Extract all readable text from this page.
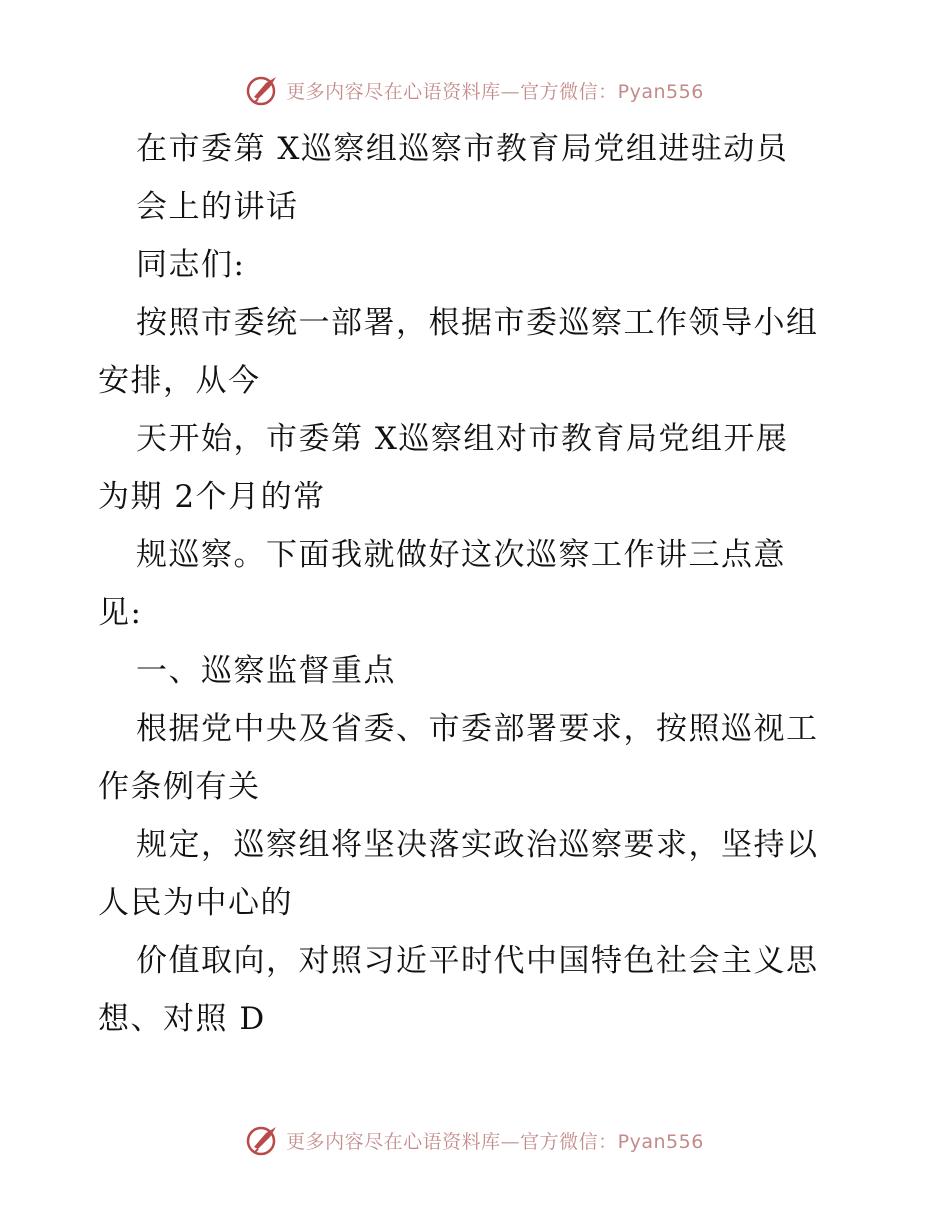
更多内容尽在心语资料库—官方微信：Pyan556
在市委第 X巡察组巡察市教育局党组进驻动员
会上的讲话
同志们:
按照市委统一部署，根据市委巡察工作领导小组
安排，从今
天开始，市委第 X巡察组对市教育局党组开展
为期 2个月的常
规巡察。下面我就做好这次巡察工作讲三点意
见:
一、巡察监督重点
根据党中央及省委、市委部署要求，按照巡视工
作条例有关
规定，巡察组将坚决落实政治巡察要求，坚持以
人民为中心的
价值取向，对照习近平时代中国特色社会主义思
想、对照 D
更多内容尽在心语资料库—官方微信：Pyan556
